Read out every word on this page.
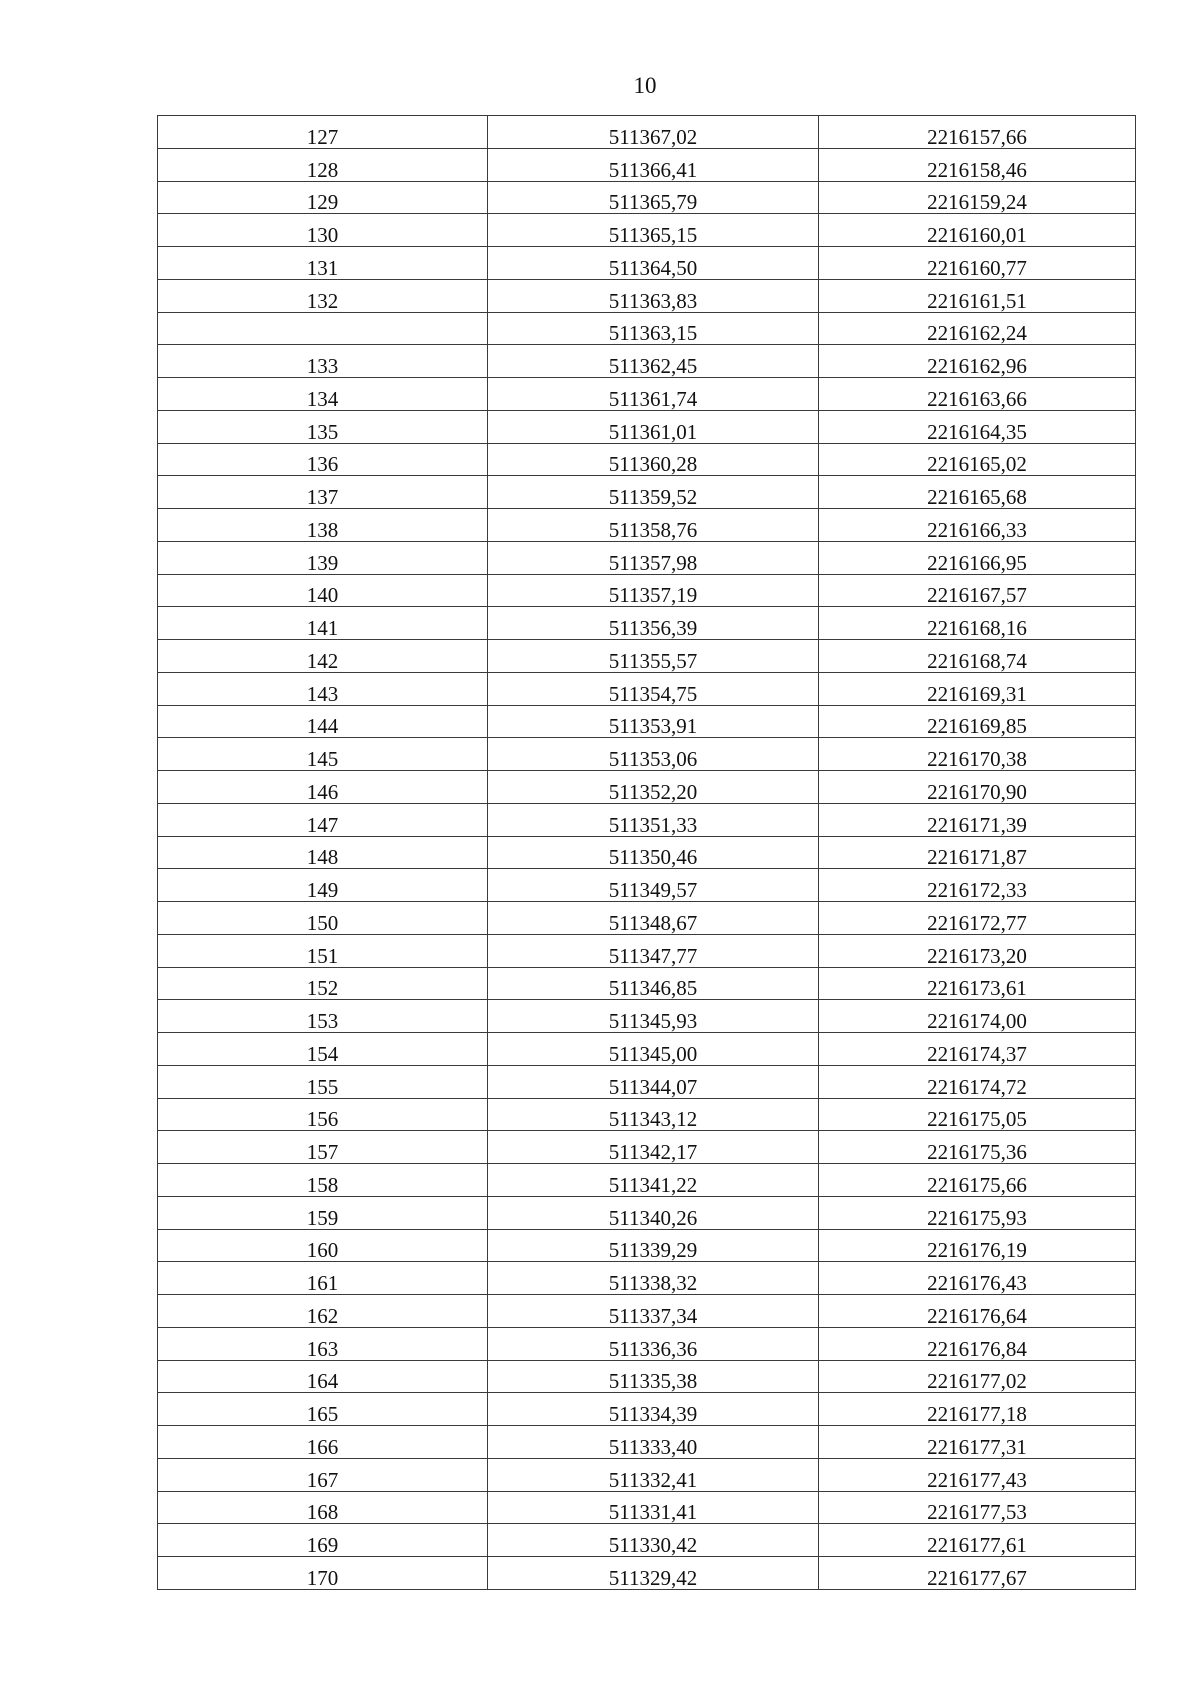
10
127	511367,02	2216157,66
128	511366,41	2216158,46
129	511365,79	2216159,24
130	511365,15	2216160,01
131	511364,50	2216160,77
132	511363,83	2216161,51
	511363,15	2216162,24
133	511362,45	2216162,96
134	511361,74	2216163,66
135	511361,01	2216164,35
136	511360,28	2216165,02
137	511359,52	2216165,68
138	511358,76	2216166,33
139	511357,98	2216166,95
140	511357,19	2216167,57
141	511356,39	2216168,16
142	511355,57	2216168,74
143	511354,75	2216169,31
144	511353,91	2216169,85
145	511353,06	2216170,38
146	511352,20	2216170,90
147	511351,33	2216171,39
148	511350,46	2216171,87
149	511349,57	2216172,33
150	511348,67	2216172,77
151	511347,77	2216173,20
152	511346,85	2216173,61
153	511345,93	2216174,00
154	511345,00	2216174,37
155	511344,07	2216174,72
156	511343,12	2216175,05
157	511342,17	2216175,36
158	511341,22	2216175,66
159	511340,26	2216175,93
160	511339,29	2216176,19
161	511338,32	2216176,43
162	511337,34	2216176,64
163	511336,36	2216176,84
164	511335,38	2216177,02
165	511334,39	2216177,18
166	511333,40	2216177,31
167	511332,41	2216177,43
168	511331,41	2216177,53
169	511330,42	2216177,61
170	511329,42	2216177,67
